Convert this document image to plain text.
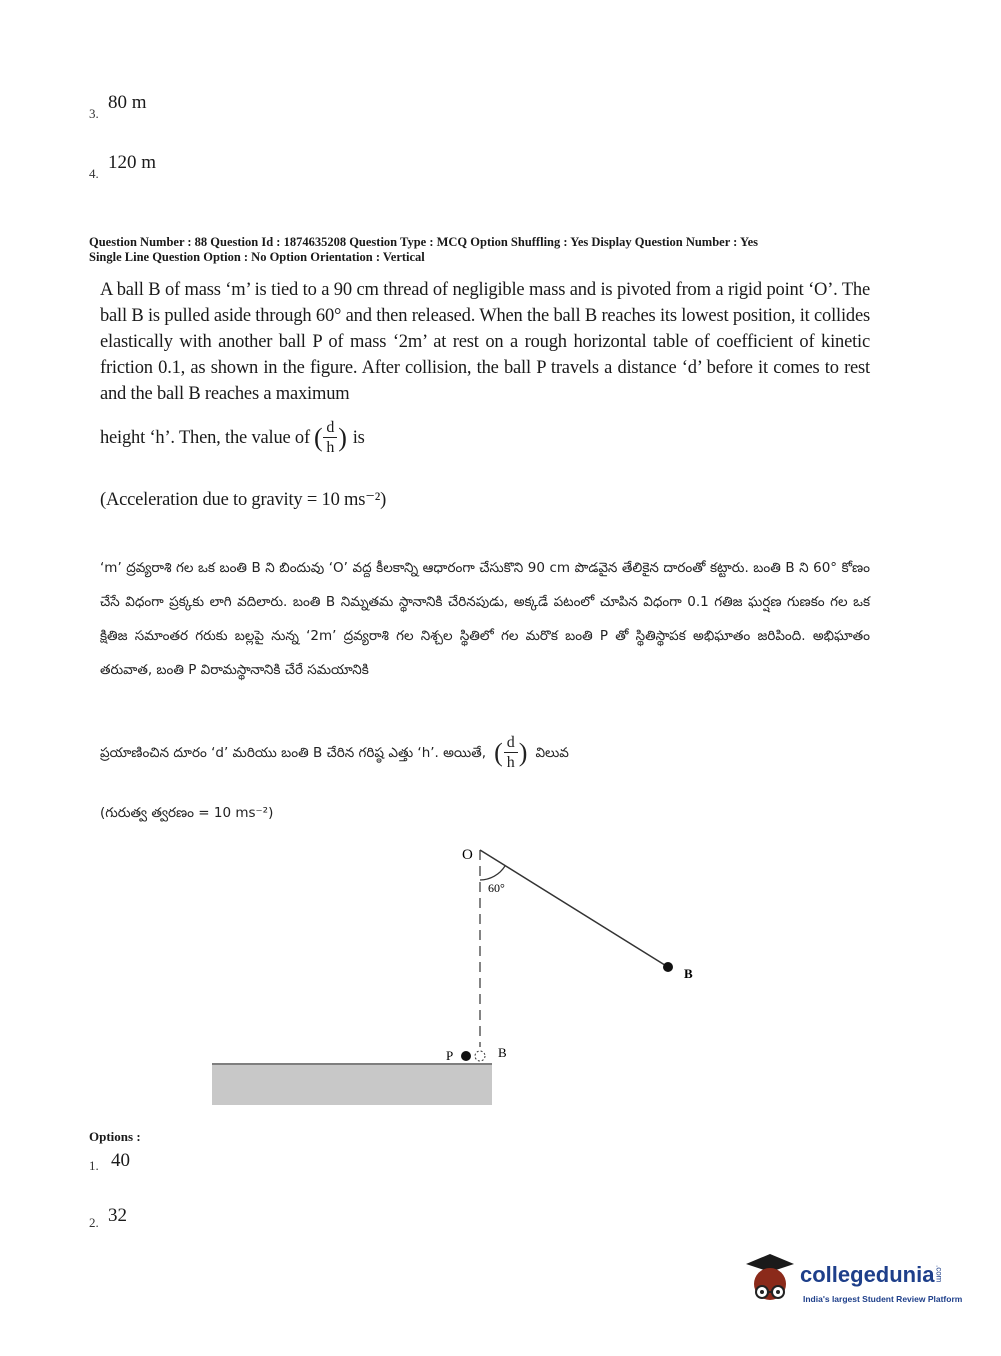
3.
80 m
4.
120 m
Question Number : 88 Question Id : 1874635208 Question Type : MCQ Option Shuffling : Yes Display Question Number : Yes
Single Line Question Option : No Option Orientation : Vertical
A ball B of mass ‘m’ is tied to a 90 cm thread of negligible mass and is pivoted from a rigid point ‘O’. The ball B is pulled aside through 60° and then released. When the ball B reaches its lowest position, it collides elastically with another ball P of mass ‘2m’ at rest on a rough horizontal table of coefficient of kinetic friction 0.1, as shown in the figure. After collision, the ball P travels a distance ‘d’ before it comes to rest and the ball B reaches a maximum
height ‘h’. Then, the value of ( $\frac{d}{h}$ ) is
(Acceleration due to gravity = 10 ms⁻²)
‘m’ ద్రవ్యరాశి గల ఒక బంతి B ని బిందువు ‘O’ వద్ద కీలకాన్ని ఆధారంగా చేసుకొని 90 cm పొడవైన తేలికైన దారంతో కట్టారు. బంతి B ని 60° కోణం చేసే విధంగా ప్రక్కకు లాగి వదిలారు. బంతి B నిమ్నతమ స్థానానికి చేరినపుడు, అక్కడే పటంలో చూపిన విధంగా 0.1 గతిజ ఘర్షణ గుణకం గల ఒక క్షితిజ సమాంతర గరుకు బల్లపై నున్న ‘2m’ ద్రవ్యరాశి గల నిశ్చల స్థితిలో గల మరొక బంతి P తో స్థితిస్థాపక అభిఘాతం జరిపింది. అభిఘాతం తరువాత, బంతి P విరామస్థానానికి చేరే సమయానికి
ప్రయాణించిన దూరం ‘d’ మరియు బంతి B చేరిన గరిష్ఠ ఎత్తు ‘h’. అయితే, ( $\frac{d}{h}$ ) విలువ
(గురుత్వ త్వరణం = 10 ms⁻²)
O
60°
B
P	B
Options :
1. 40
2. 32
collegedunia.com
India's largest Student Review Platform
